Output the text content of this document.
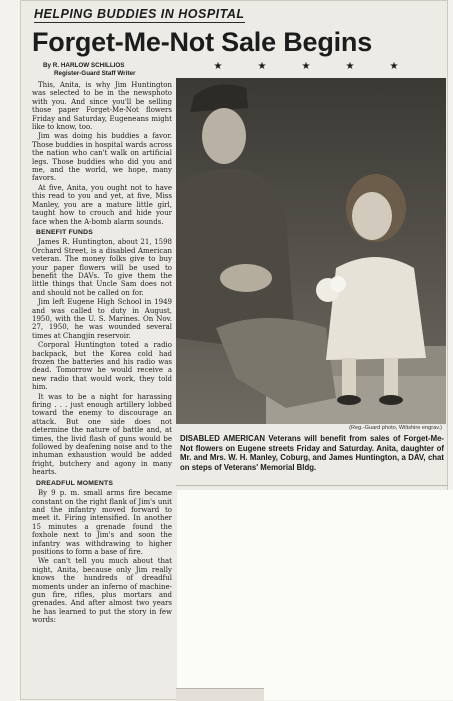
HELPING BUDDIES IN HOSPITAL
Forget-Me-Not Sale Begins
★	★	★	★	★
By R. HARLOW SCHILLIOS
Register-Guard Staff Writer

This, Anita, is why Jim Huntington was selected to be in the newsphoto with you. And since you'll be selling those paper Forget-Me-Not flowers Friday and Saturday, Eugeneans might like to know, too.

Jim was doing his buddies a favor. Those buddies in hospital wards across the nation who can't walk on artificial legs. Those buddies who did you and me, and the world, we hope, many favors.

At five, Anita, you ought not to have this read to you and yet, at five, Miss Manley, you are a mature little girl, taught how to crouch and hide your face when the A-bomb alarm sounds.

BENEFIT FUNDS

James R. Huntington, about 21, 1598 Orchard Street, is a disabled American veteran. The money folks give to buy your paper flowers will be used to benefit the DAVs. To give them the little things that Uncle Sam does not and should not be called on for.

Jim left Eugene High School in 1949 and was called to duty in August, 1950, with the U. S. Marines. On Nov. 27, 1950, he was wounded several times at Changjin reservoir.

Corporal Huntington toted a radio backpack, but the Korea cold had frozen the batteries and his radio was dead. Tomorrow he would receive a new radio that would work, they told him.

It was to be a night for harassing firing . . . just enough artillery lobbed toward the enemy to discourage an attack. But one side does not determine the nature of battle and, at times, the livid flash of guns would be followed by deafening noise and to the inhuman exhaustion would be added fright, butchery and agony in many hearts.

DREADFUL MOMENTS

By 9 p. m. small arms fire became constant on the right flank of Jim's unit and the infantry moved forward to meet it. Firing intensified. In another 15 minutes a grenade found the foxhole next to Jim's and soon the infantry was withdrawing to higher positions to form a base of fire.

We can't tell you much about that night, Anita, because only Jim really knows the hundreds of dreadful moments under an inferno of machine-gun fire, rifles, plus mortars and grenades. And after almost two years he has learned to put the story in few words:

(Reg.-Guard photo, Wiltshire engrav.)
DISABLED AMERICAN Veterans will benefit from sales of Forget-Me-Not flowers on Eugene streets Friday and Saturday. Anita, daughter of Mr. and Mrs. W. H. Manley, Coburg, and James Huntington, a DAV, chat on steps of Veterans' Memorial Bldg.
